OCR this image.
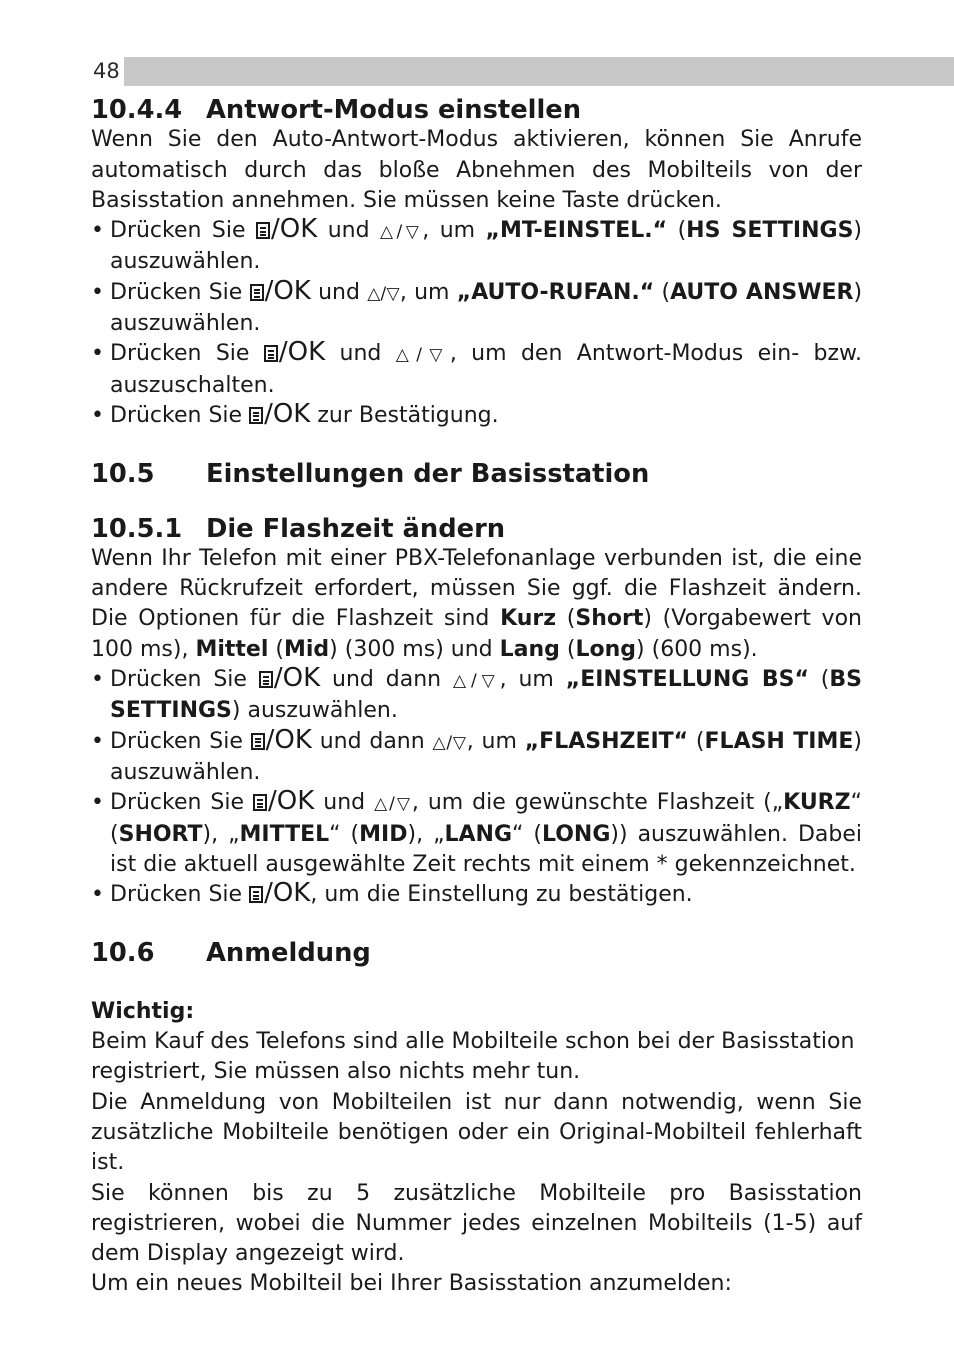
48
10.4.4 Antwort-Modus einstellen

Wenn Sie den Auto-Antwort-Modus aktivieren, können Sie Anrufe automatisch durch das bloße Abnehmen des Mobilteils von der Basisstation annehmen. Sie müssen keine Taste drücken.

• Drücken Sie /OK und △/▽, um „MT-EINSTEL.“ (HS SETTINGS) auszuwählen.
• Drücken Sie /OK und △/▽, um „AUTO-RUFAN.“ (AUTO ANSWER) auszuwählen.
• Drücken Sie /OK und △/▽, um den Antwort-Modus ein- bzw. auszuschalten.
• Drücken Sie /OK zur Bestätigung.
10.5	Einstellungen der Basisstation
10.5.1 Die Flashzeit ändern

Wenn Ihr Telefon mit einer PBX-Telefonanlage verbunden ist, die eine andere Rückrufzeit erfordert, müssen Sie ggf. die Flashzeit ändern. Die Optionen für die Flashzeit sind Kurz (Short) (Vorgabewert von 100 ms), Mittel (Mid) (300 ms) und Lang (Long) (600 ms).

• Drücken Sie /OK und dann △/▽, um „EINSTELLUNG BS“ (BS SETTINGS) auszuwählen.
• Drücken Sie /OK und dann △/▽, um „FLASHZEIT“ (FLASH TIME) auszuwählen.
• Drücken Sie /OK und △/▽, um die gewünschte Flashzeit („KURZ“ (SHORT), „MITTEL“ (MID), „LANG“ (LONG)) auszuwählen. Dabei ist die aktuell ausgewählte Zeit rechts mit einem * gekennzeichnet.
• Drücken Sie /OK , um die Einstellung zu bestätigen.
10.6	Anmeldung

Wichtig:

Beim Kauf des Telefons sind alle Mobilteile schon bei der Basisstation registriert, Sie müssen also nichts mehr tun.

Die Anmeldung von Mobilteilen ist nur dann notwendig, wenn Sie zusätzliche Mobilteile benötigen oder ein Original-Mobilteil fehlerhaft ist.

Sie können bis zu 5 zusätzliche Mobilteile pro Basisstation registrieren, wobei die Nummer jedes einzelnen Mobilteils (1-5) auf dem Display angezeigt wird.

Um ein neues Mobilteil bei Ihrer Basisstation anzumelden:
